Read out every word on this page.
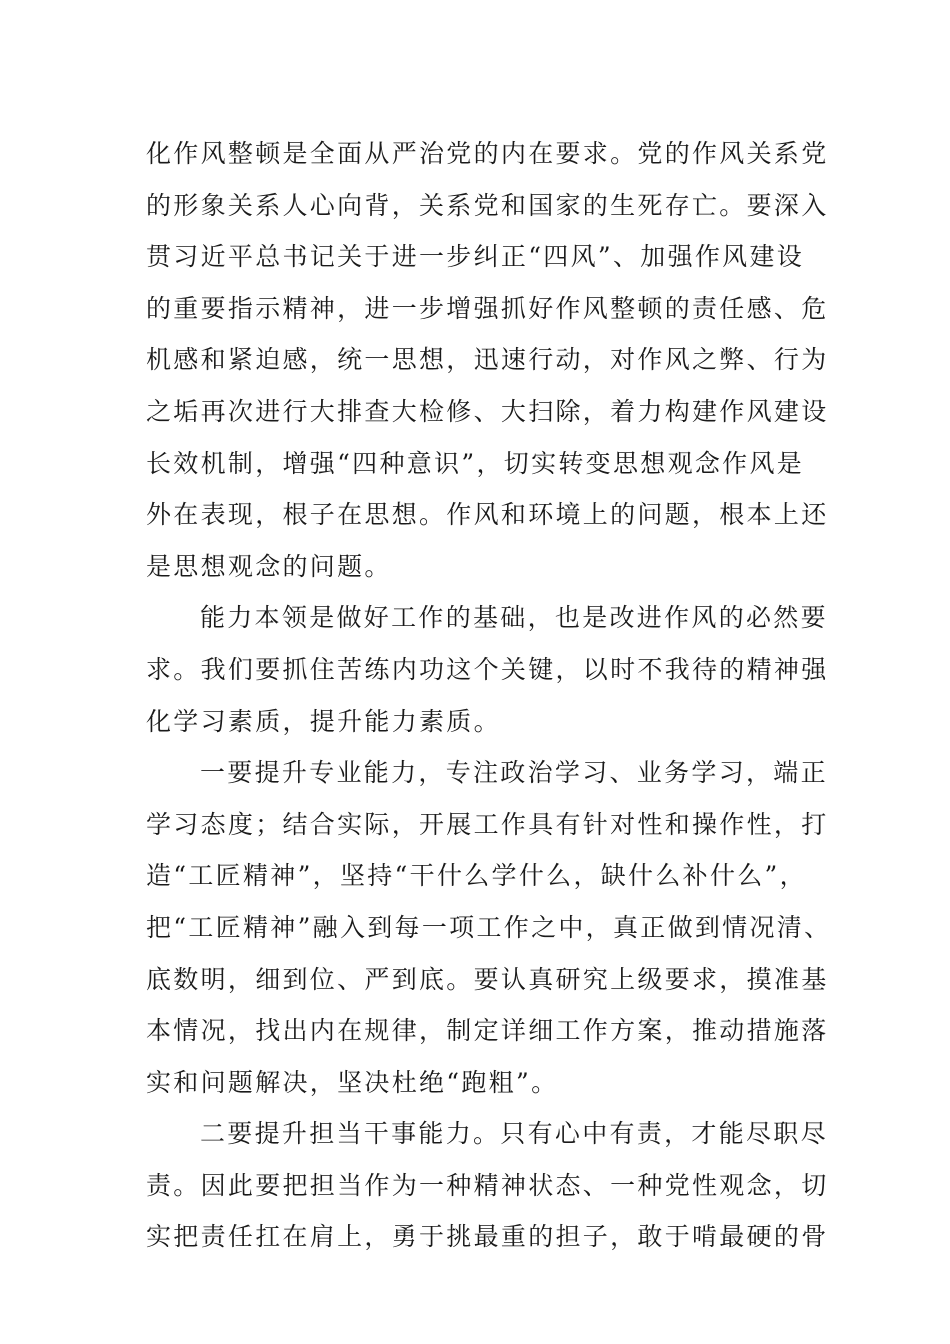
化作风整顿是全面从严治党的内在要求。党的作风关系党
的形象关系人心向背，关系党和国家的生死存亡。要深入
贯习近平总书记关于进一步纠正“四风”、加强作风建设
的重要指示精神，进一步增强抓好作风整顿的责任感、危
机感和紧迫感，统一思想，迅速行动，对作风之弊、行为
之垢再次进行大排查大检修、大扫除，着力构建作风建设
长效机制，增强“四种意识”，切实转变思想观念作风是
外在表现，根子在思想。作风和环境上的问题，根本上还
是思想观念的问题。
能力本领是做好工作的基础，也是改进作风的必然要
求。我们要抓住苦练内功这个关键，以时不我待的精神强
化学习素质，提升能力素质。
一要提升专业能力，专注政治学习、业务学习，端正
学习态度；结合实际，开展工作具有针对性和操作性，打
造“工匠精神”，坚持“干什么学什么，缺什么补什么”，
把“工匠精神”融入到每一项工作之中，真正做到情况清、
底数明，细到位、严到底。要认真研究上级要求，摸准基
本情况，找出内在规律，制定详细工作方案，推动措施落
实和问题解决，坚决杜绝“跑粗”。
二要提升担当干事能力。只有心中有责，才能尽职尽
责。因此要把担当作为一种精神状态、一种党性观念，切
实把责任扛在肩上，勇于挑最重的担子，敢于啃最硬的骨
